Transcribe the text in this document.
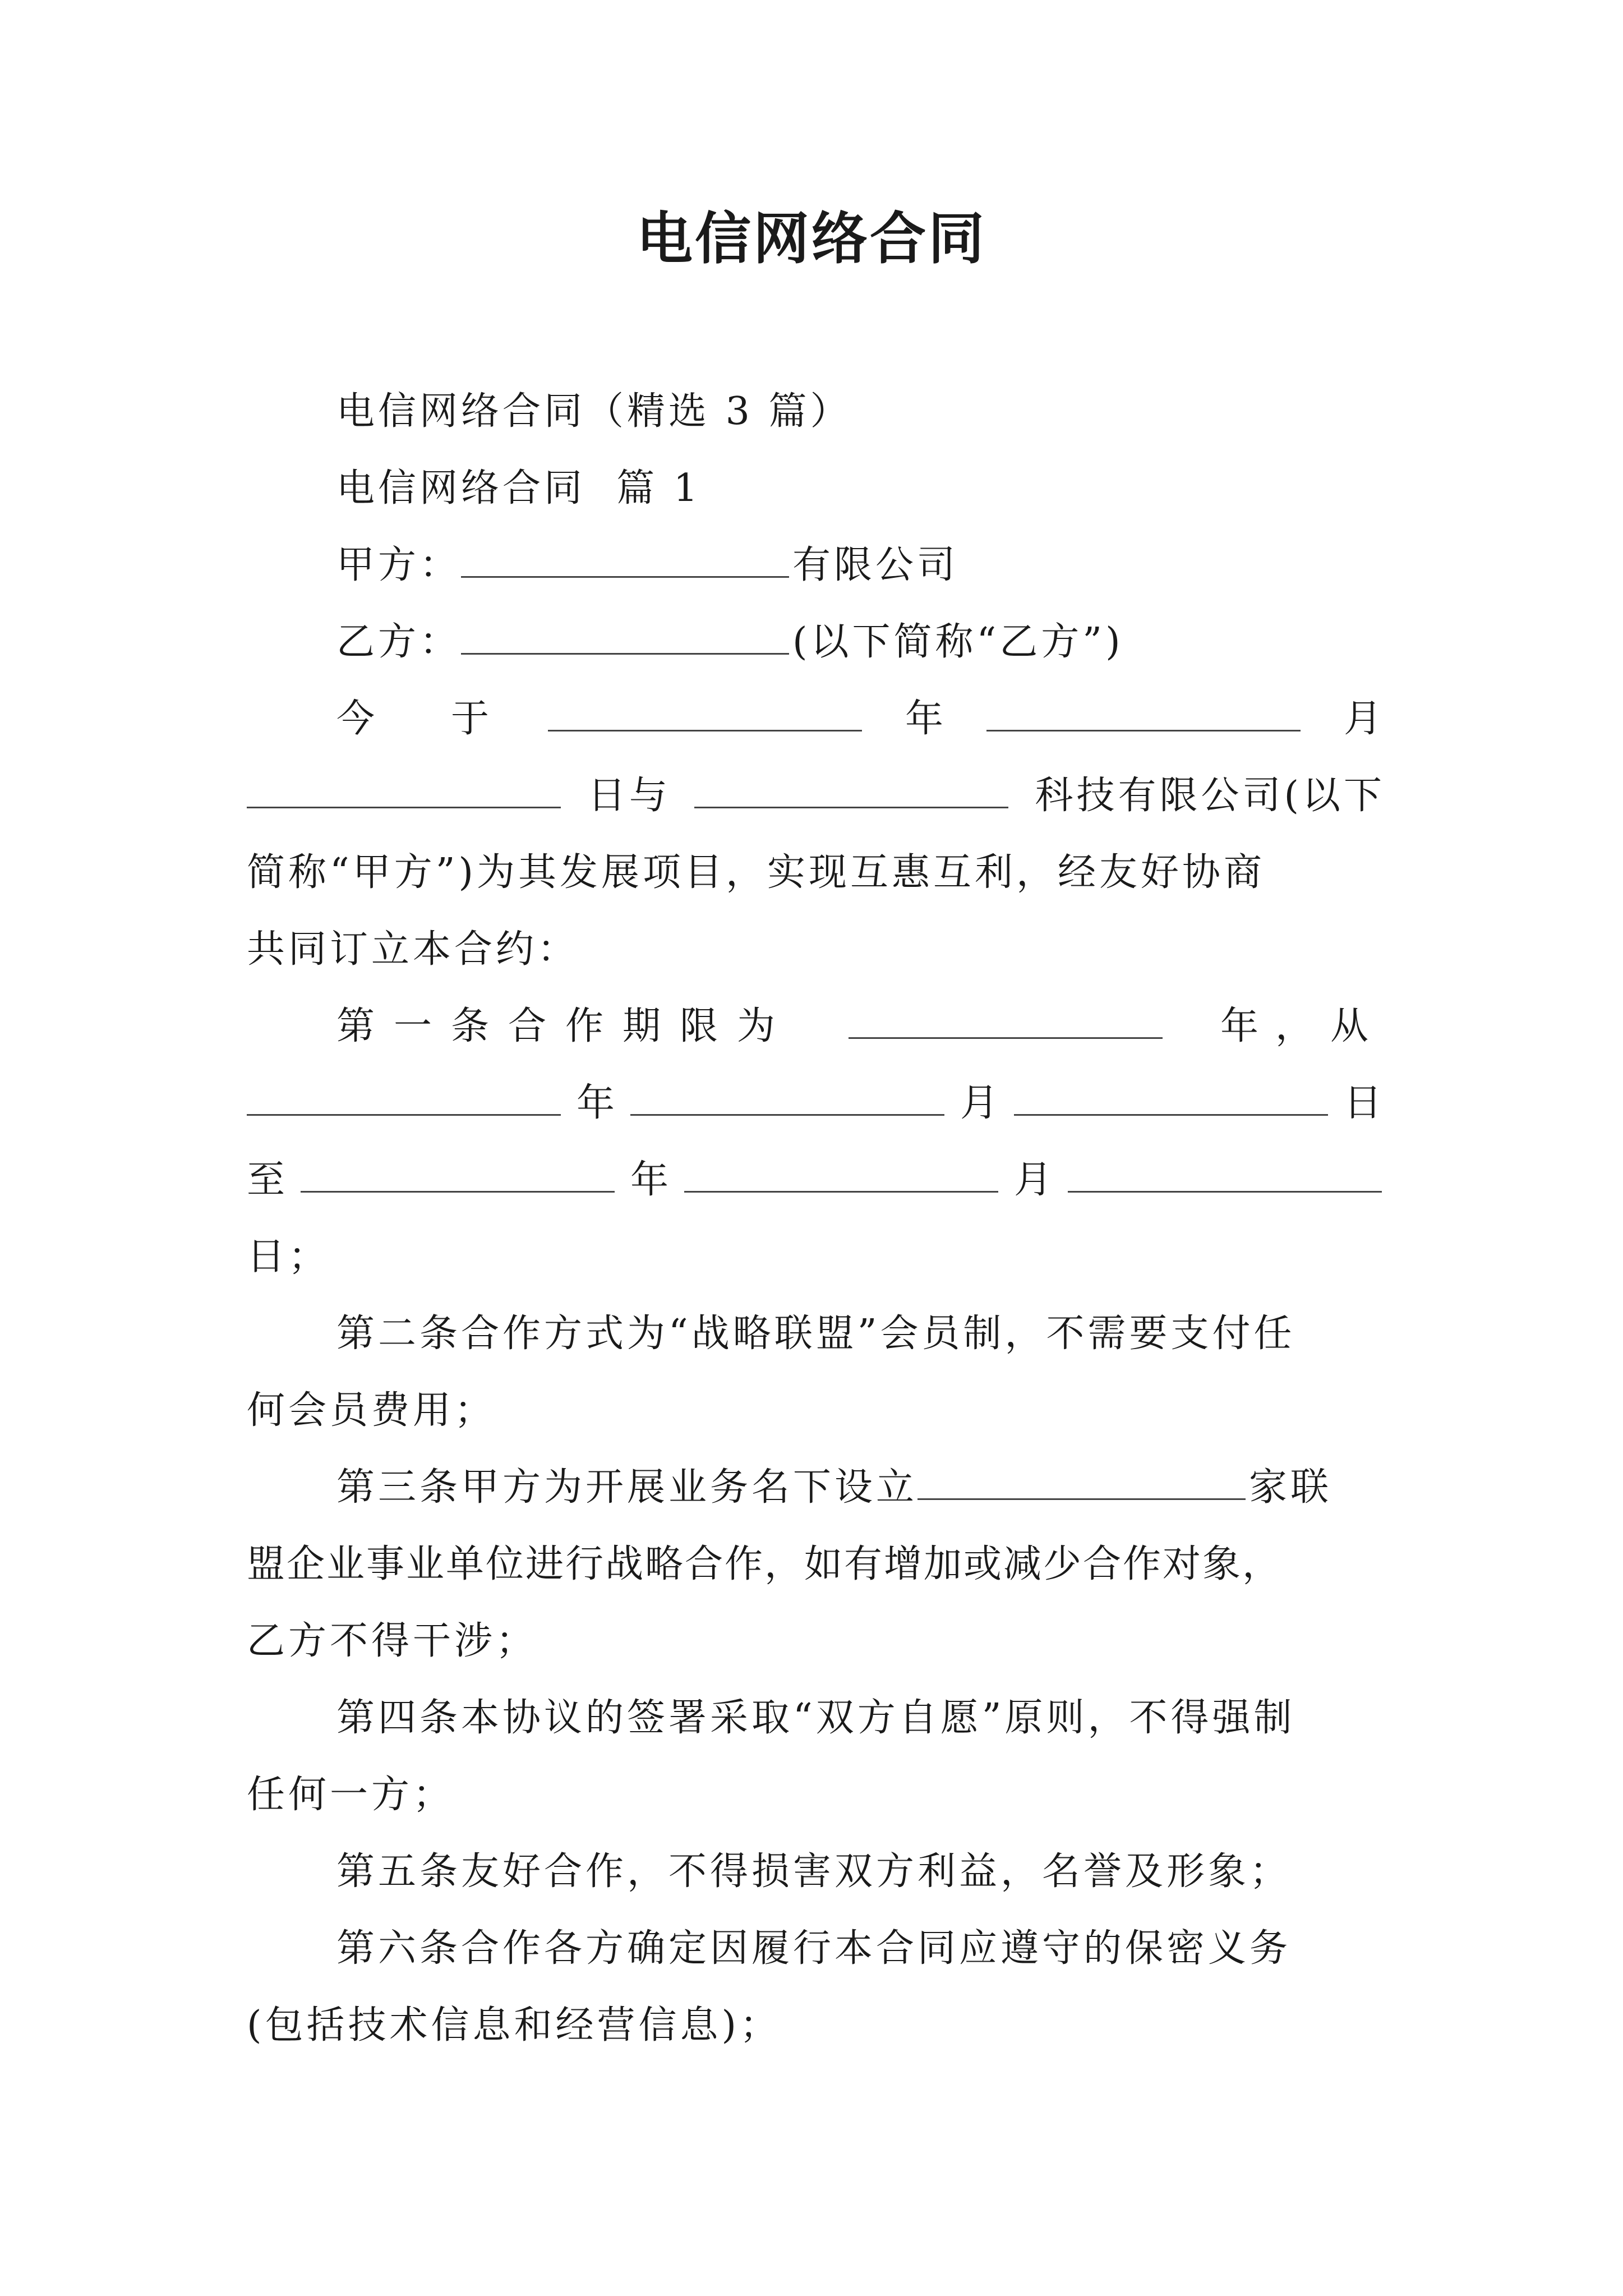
电信网络合同

电信网络合同（精选 3 篇）

电信网络合同  篇 1

甲方：	有限公司

乙方：	(以下简称“乙方”)

今　于	年	月
日与	科技有限公司(以下

简称“甲方”)为其发展项目，实现互惠互利，经友好协商

共同订立本合约：

第一条合作期限为	年，从
年	月	日
至	年	月

日；

第二条合作方式为“战略联盟”会员制，不需要支付任

何会员费用；

第三条甲方为开展业务名下设立	家联

盟企业事业单位进行战略合作，如有增加或减少合作对象，

乙方不得干涉；

第四条本协议的签署采取“双方自愿”原则，不得强制

任何一方；

第五条友好合作，不得损害双方利益，名誉及形象；

第六条合作各方确定因履行本合同应遵守的保密义务

(包括技术信息和经营信息)；
